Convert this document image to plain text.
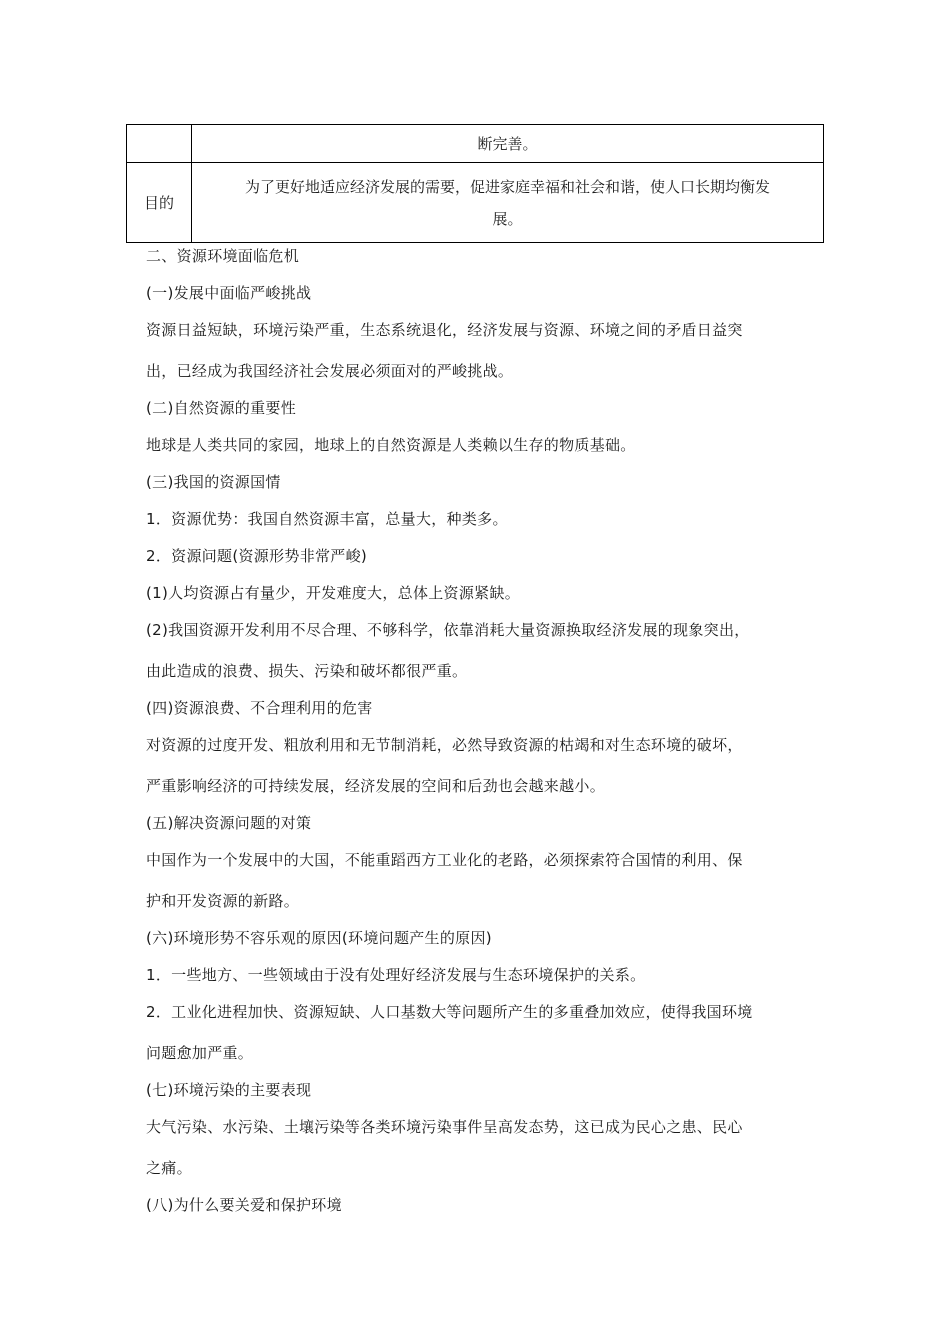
	断完善。
目的	为了更好地适应经济发展的需要，促进家庭幸福和社会和谐，使人口长期均衡发
展。
二、资源环境面临危机
(一)发展中面临严峻挑战
资源日益短缺，环境污染严重，生态系统退化，经济发展与资源、环境之间的矛盾日益突
出，已经成为我国经济社会发展必须面对的严峻挑战。
(二)自然资源的重要性
地球是人类共同的家园，地球上的自然资源是人类赖以生存的物质基础。
(三)我国的资源国情
1．资源优势：我国自然资源丰富，总量大，种类多。
2．资源问题(资源形势非常严峻)
(1)人均资源占有量少，开发难度大，总体上资源紧缺。
(2)我国资源开发利用不尽合理、不够科学，依靠消耗大量资源换取经济发展的现象突出，
由此造成的浪费、损失、污染和破坏都很严重。
(四)资源浪费、不合理利用的危害
对资源的过度开发、粗放利用和无节制消耗，必然导致资源的枯竭和对生态环境的破坏，
严重影响经济的可持续发展，经济发展的空间和后劲也会越来越小。
(五)解决资源问题的对策
中国作为一个发展中的大国，不能重蹈西方工业化的老路，必须探索符合国情的利用、保
护和开发资源的新路。
(六)环境形势不容乐观的原因(环境问题产生的原因)
1．一些地方、一些领域由于没有处理好经济发展与生态环境保护的关系。
2．工业化进程加快、资源短缺、人口基数大等问题所产生的多重叠加效应，使得我国环境
问题愈加严重。
(七)环境污染的主要表现
大气污染、水污染、土壤污染等各类环境污染事件呈高发态势，这已成为民心之患、民心
之痛。
(八)为什么要关爱和保护环境
